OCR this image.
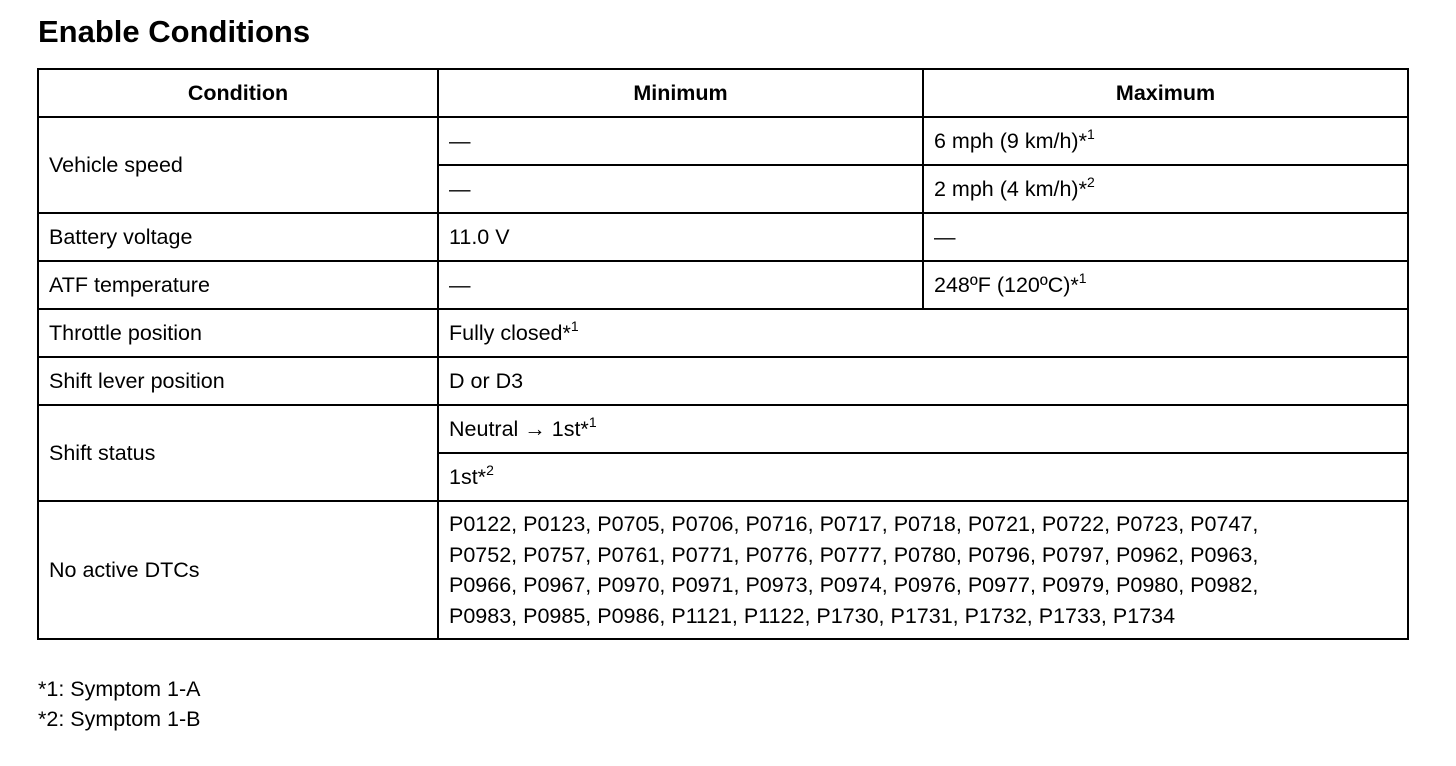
Enable Conditions
Condition	Minimum	Maximum
Vehicle speed	—	6 mph (9 km/h)*$^1$
	—	2 mph (4 km/h)*$^2$
Battery voltage	11.0 V	—
ATF temperature	—	248ºF (120ºC)*$^1$
Throttle position	Fully closed*$^1$
Shift lever position	D or D3	
Shift status	Neutral → 1st*$^1$
	1st*$^2$
No active DTCs	P0122, P0123, P0705, P0706, P0716, P0717, P0718, P0721, P0722, P0723, P0747,
P0752, P0757, P0761, P0771, P0776, P0777, P0780, P0796, P0797, P0962, P0963,
P0966, P0967, P0970, P0971, P0973, P0974, P0976, P0977, P0979, P0980, P0982,
P0983, P0985, P0986, P1121, P1122, P1730, P1731, P1732, P1733, P1734	
*1: Symptom 1-A
*2: Symptom 1-B
